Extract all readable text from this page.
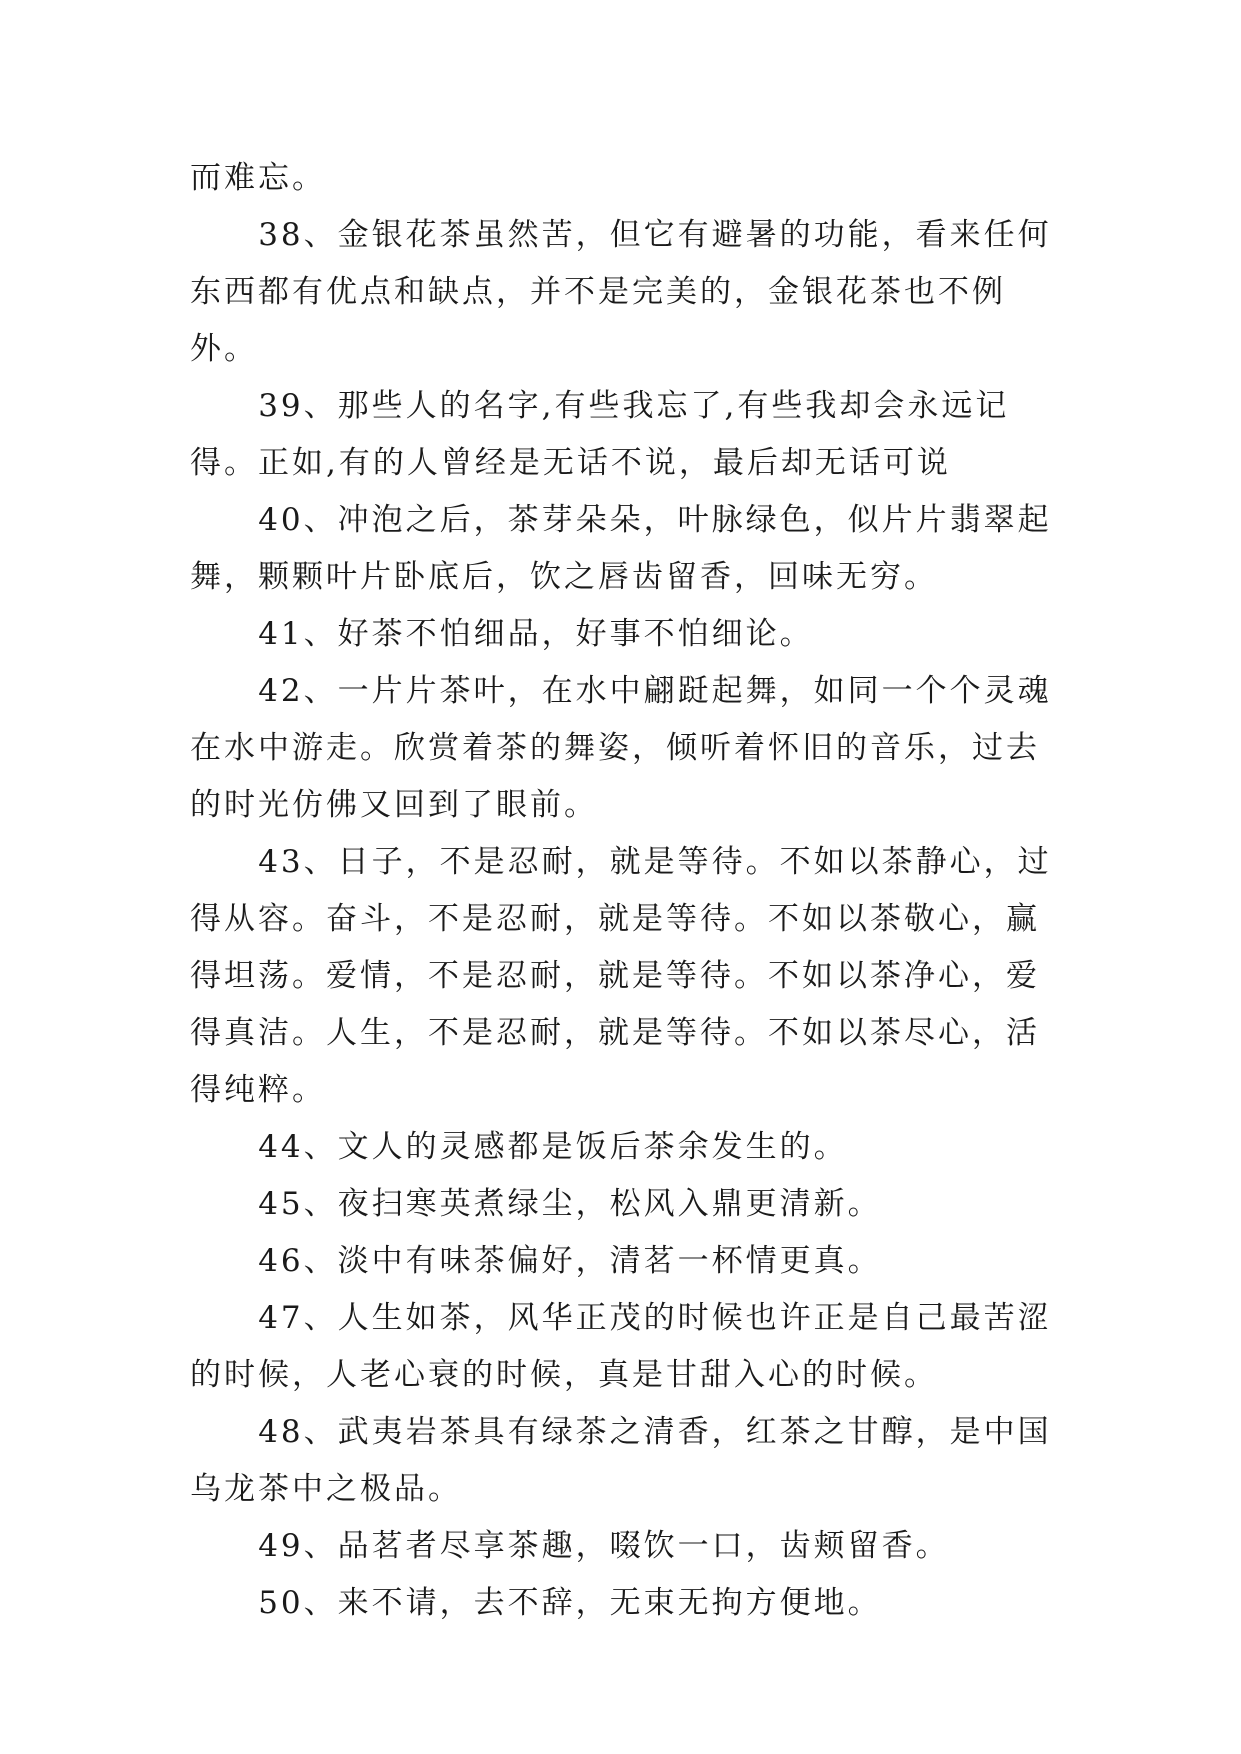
而难忘。

38、金银花茶虽然苦，但它有避暑的功能，看来任何东西都有优点和缺点，并不是完美的，金银花茶也不例外。

39、那些人的名字,有些我忘了,有些我却会永远记得。正如,有的人曾经是无话不说，最后却无话可说

40、冲泡之后，茶芽朵朵，叶脉绿色，似片片翡翠起舞，颗颗叶片卧底后，饮之唇齿留香，回味无穷。

41、好茶不怕细品，好事不怕细论。

42、一片片茶叶，在水中翩跹起舞，如同一个个灵魂在水中游走。欣赏着茶的舞姿，倾听着怀旧的音乐，过去的时光仿佛又回到了眼前。

43、日子，不是忍耐，就是等待。不如以茶静心，过得从容。奋斗，不是忍耐，就是等待。不如以茶敬心，赢得坦荡。爱情，不是忍耐，就是等待。不如以茶净心，爱得真洁。人生，不是忍耐，就是等待。不如以茶尽心，活得纯粹。

44、文人的灵感都是饭后茶余发生的。

45、夜扫寒英煮绿尘，松风入鼎更清新。

46、淡中有味茶偏好，清茗一杯情更真。

47、人生如茶，风华正茂的时候也许正是自己最苦涩的时候，人老心衰的时候，真是甘甜入心的时候。

48、武夷岩茶具有绿茶之清香，红茶之甘醇，是中国乌龙茶中之极品。

49、品茗者尽享茶趣，啜饮一口，齿颊留香。

50、来不请，去不辞，无束无拘方便地。
